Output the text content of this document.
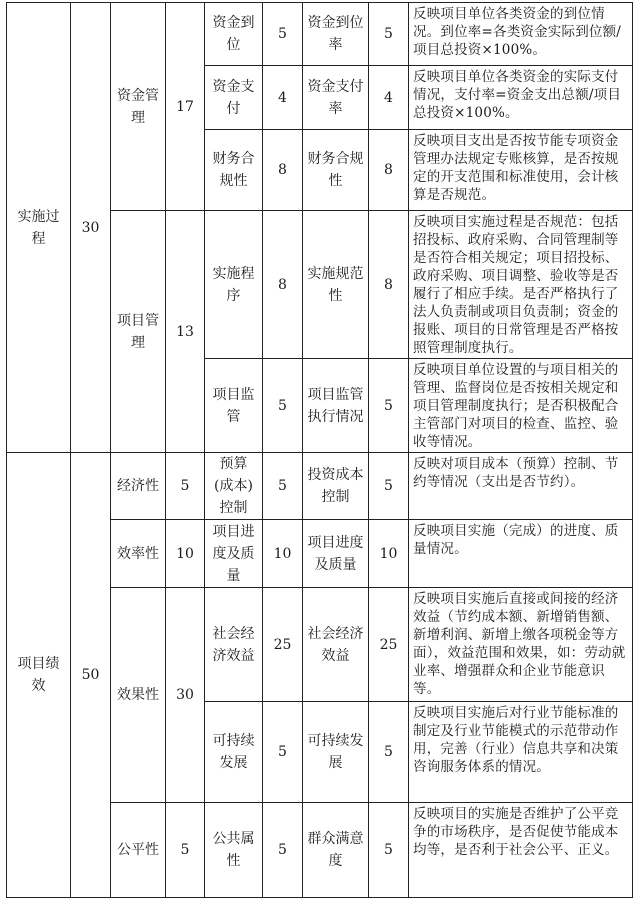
实施过程	30	资金管理	17	资金到位	5	资金到位率	5	反映项目单位各类资金的到位情况。到位率=各类资金实际到位额/项目总投资×100%。
				资金支付	4	资金支付率	4	反映项目单位各类资金的实际支付情况，支付率=资金支出总额/项目总投资×100%。
				财务合规性	8	财务合规性	8	反映项目支出是否按节能专项资金管理办法规定专账核算，是否按规定的开支范围和标准使用，会计核算是否规范。
		项目管理	13	实施程序	8	实施规范性	8	反映项目实施过程是否规范：包括招投标、政府采购、合同管理制等是否符合相关规定；项目招投标、政府采购、项目调整、验收等是否履行了相应手续。是否严格执行了法人负责制或项目负责制；资金的报账、项目的日常管理是否严格按照管理制度执行。
				项目监管	5	项目监管执行情况	5	反映项目单位设置的与项目相关的管理、监督岗位是否按相关规定和项目管理制度执行；是否积极配合主管部门对项目的检查、监控、验收等情况。
项目绩效	50	经济性	5	预算(成本)控制	5	投资成本控制	5	反映对项目成本（预算）控制、节约等情况（支出是否节约）。
		效率性	10	项目进度及质量	10	项目进度及质量	10	反映项目实施（完成）的进度、质量情况。
		效果性	30	社会经济效益	25	社会经济效益	25	反映项目实施后直接或间接的经济效益（节约成本额、新增销售额、新增利润、新增上缴各项税金等方面），效益范围和效果，如：劳动就业率、增强群众和企业节能意识等。
				可持续发展	5	可持续发展	5	反映项目实施后对行业节能标准的制定及行业节能模式的示范带动作用，完善（行业）信息共享和决策咨询服务体系的情况。
		公平性	5	公共属性	5	群众满意度	5	反映项目的实施是否维护了公平竞争的市场秩序，是否促使节能成本均等，是否利于社会公平、正义。
